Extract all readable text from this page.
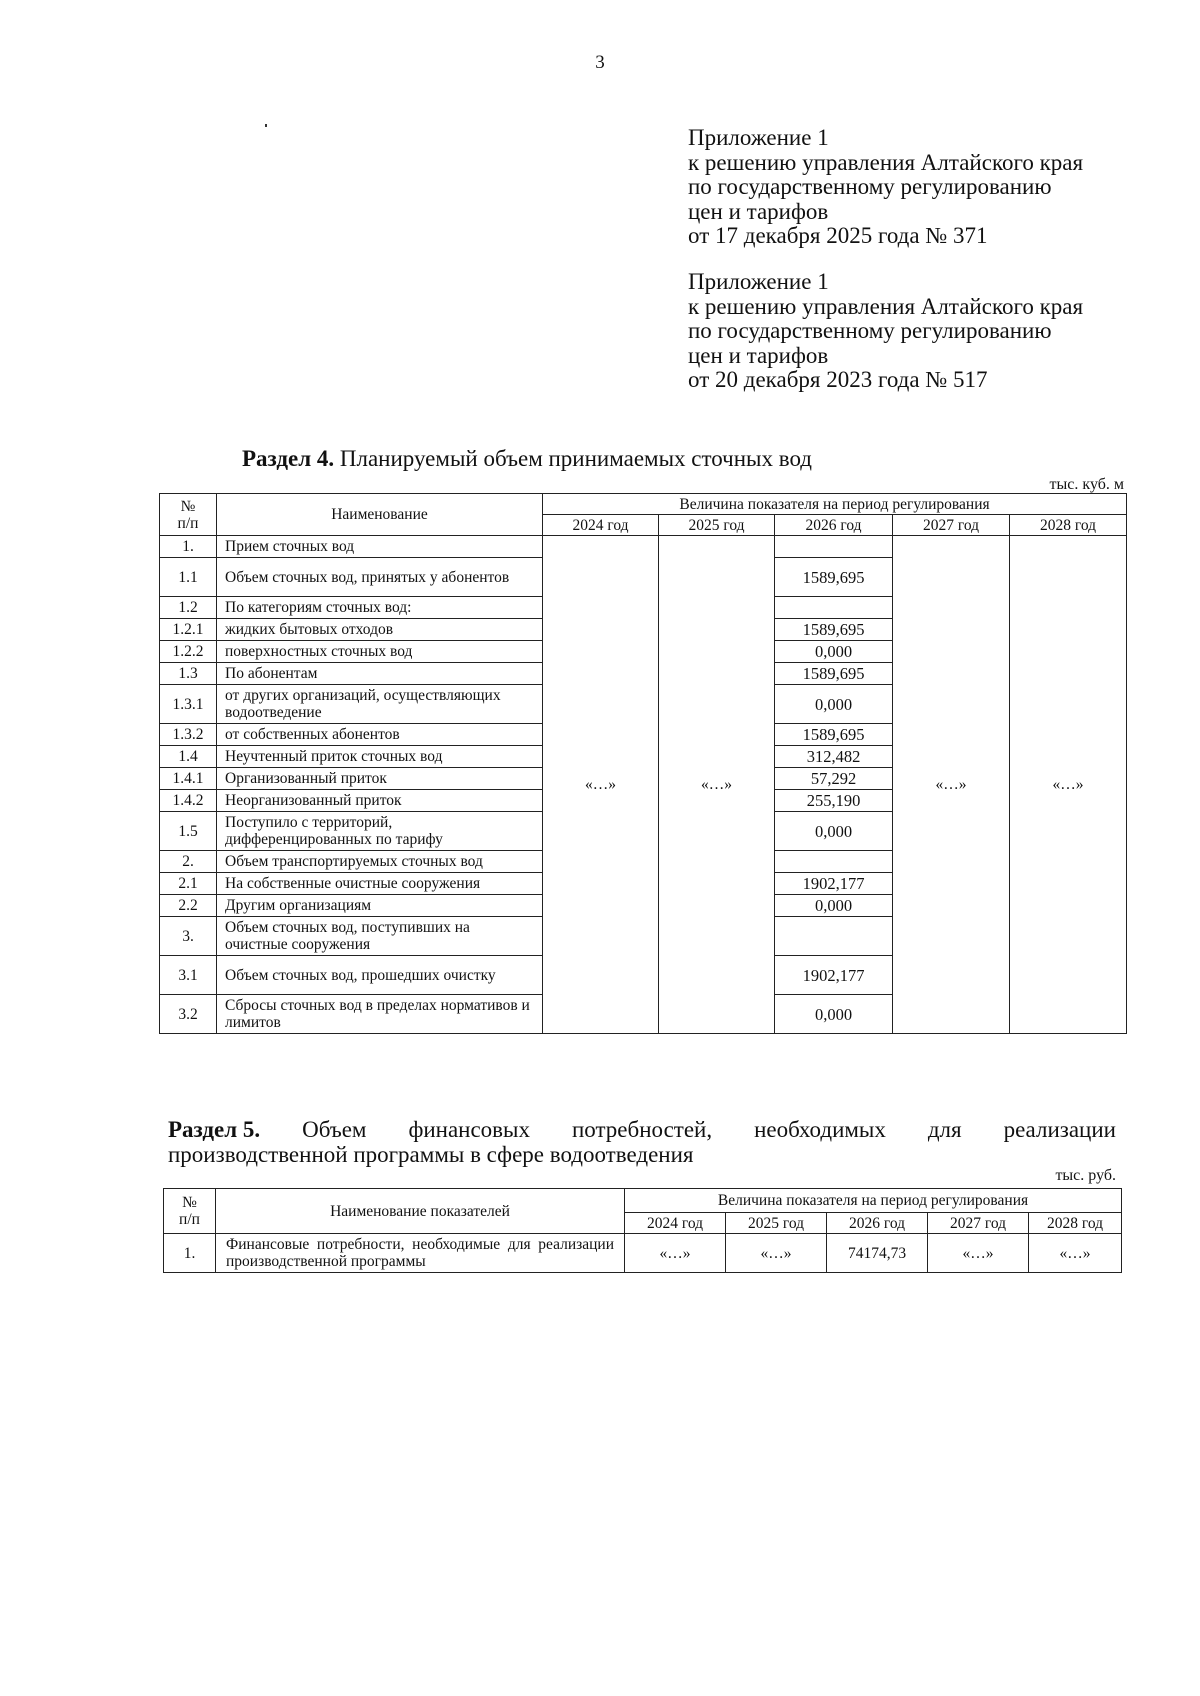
3
Приложение 1
к решению управления Алтайского края
по государственному регулированию
цен и тарифов
от 17 декабря 2025 года № 371
Приложение 1
к решению управления Алтайского края
по государственному регулированию
цен и тарифов
от 20 декабря 2023 года № 517
Раздел 4. Планируемый объем принимаемых сточных вод
тыс. куб. м
№
п/п	Наименование	Величина показателя на период регулирования				
		2024 год	2025 год	2026 год	2027 год	2028 год
1.	Прием сточных вод	«…»	«…»		«…»	«…»
1.1	Объем сточных вод, принятых у абонентов			1589,695		
1.2	По категориям сточных вод:					
1.2.1	жидких бытовых отходов			1589,695		
1.2.2	поверхностных сточных вод			0,000		
1.3	По абонентам			1589,695		
1.3.1	от других организаций, осуществляющих водоотведение			0,000		
1.3.2	от собственных абонентов			1589,695		
1.4	Неучтенный приток сточных вод			312,482		
1.4.1	Организованный приток			57,292		
1.4.2	Неорганизованный приток			255,190		
1.5	Поступило с территорий, дифференцированных по тарифу			0,000		
2.	Объем транспортируемых сточных вод					
2.1	На собственные очистные сооружения			1902,177		
2.2	Другим организациям			0,000		
3.	Объем сточных вод, поступивших на очистные сооружения					
3.1	Объем сточных вод, прошедших очистку			1902,177		
3.2	Сбросы сточных вод в пределах нормативов и лимитов			0,000		
Раздел 5. Объем финансовых потребностей, необходимых для реализации
производственной программы в сфере водоотведения
тыс. руб.
№
п/п	Наименование показателей	Величина показателя на период регулирования				
		2024 год	2025 год	2026 год	2027 год	2028 год
1.	Финансовые потребности, необходимые для реализации производственной программы	«…»	«…»	74174,73	«…»	«…»
